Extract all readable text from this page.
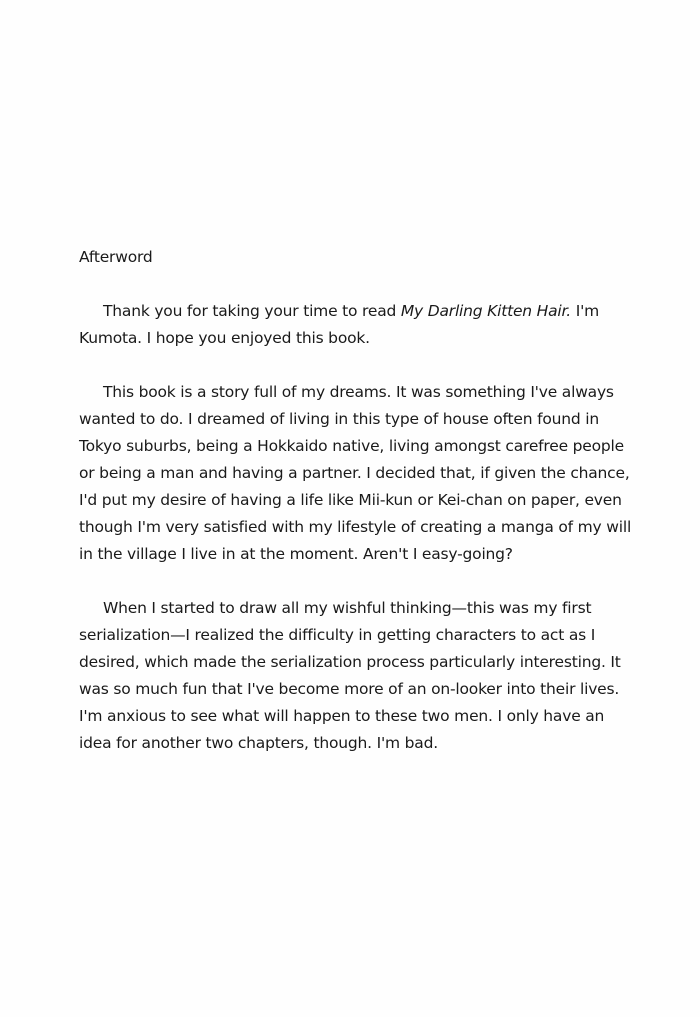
Afterword

Thank you for taking your time to read My Darling Kitten Hair. I'm Kumota. I hope you enjoyed this book.

This book is a story full of my dreams. It was something I've always wanted to do. I dreamed of living in this type of house often found in Tokyo suburbs, being a Hokkaido native, living amongst carefree people or being a man and having a partner. I decided that, if given the chance, I'd put my desire of having a life like Mii-kun or Kei-chan on paper, even though I'm very satisfied with my lifestyle of creating a manga of my will in the village I live in at the moment. Aren't I easy-going?

When I started to draw all my wishful thinking—this was my first serialization—I realized the difficulty in getting characters to act as I desired, which made the serialization process particularly interesting. It was so much fun that I've become more of an on-looker into their lives. I'm anxious to see what will happen to these two men. I only have an idea for another two chapters, though. I'm bad.
